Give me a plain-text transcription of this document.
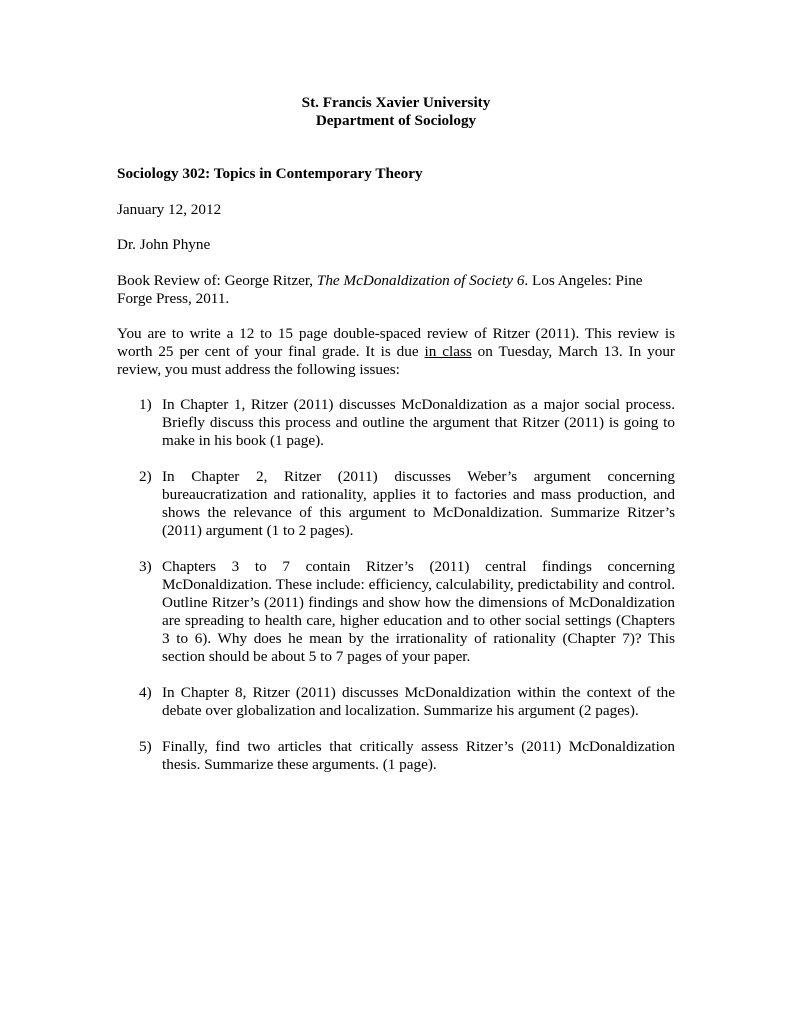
St. Francis Xavier University
Department of Sociology
Sociology 302: Topics in Contemporary Theory
January 12, 2012
Dr. John Phyne
Book Review of: George Ritzer, The McDonaldization of Society 6. Los Angeles: Pine Forge Press, 2011.
You are to write a 12 to 15 page double-spaced review of Ritzer (2011). This review is worth 25 per cent of your final grade. It is due in class on Tuesday, March 13. In your review, you must address the following issues:
1) In Chapter 1, Ritzer (2011) discusses McDonaldization as a major social process. Briefly discuss this process and outline the argument that Ritzer (2011) is going to make in his book (1 page).
2) In Chapter 2, Ritzer (2011) discusses Weber’s argument concerning bureaucratization and rationality, applies it to factories and mass production, and shows the relevance of this argument to McDonaldization. Summarize Ritzer’s (2011) argument (1 to 2 pages).
3) Chapters 3 to 7 contain Ritzer’s (2011) central findings concerning McDonaldization. These include: efficiency, calculability, predictability and control. Outline Ritzer’s (2011) findings and show how the dimensions of McDonaldization are spreading to health care, higher education and to other social settings (Chapters 3 to 6). Why does he mean by the irrationality of rationality (Chapter 7)? This section should be about 5 to 7 pages of your paper.
4) In Chapter 8, Ritzer (2011) discusses McDonaldization within the context of the debate over globalization and localization. Summarize his argument (2 pages).
5) Finally, find two articles that critically assess Ritzer’s (2011) McDonaldization thesis. Summarize these arguments. (1 page).
